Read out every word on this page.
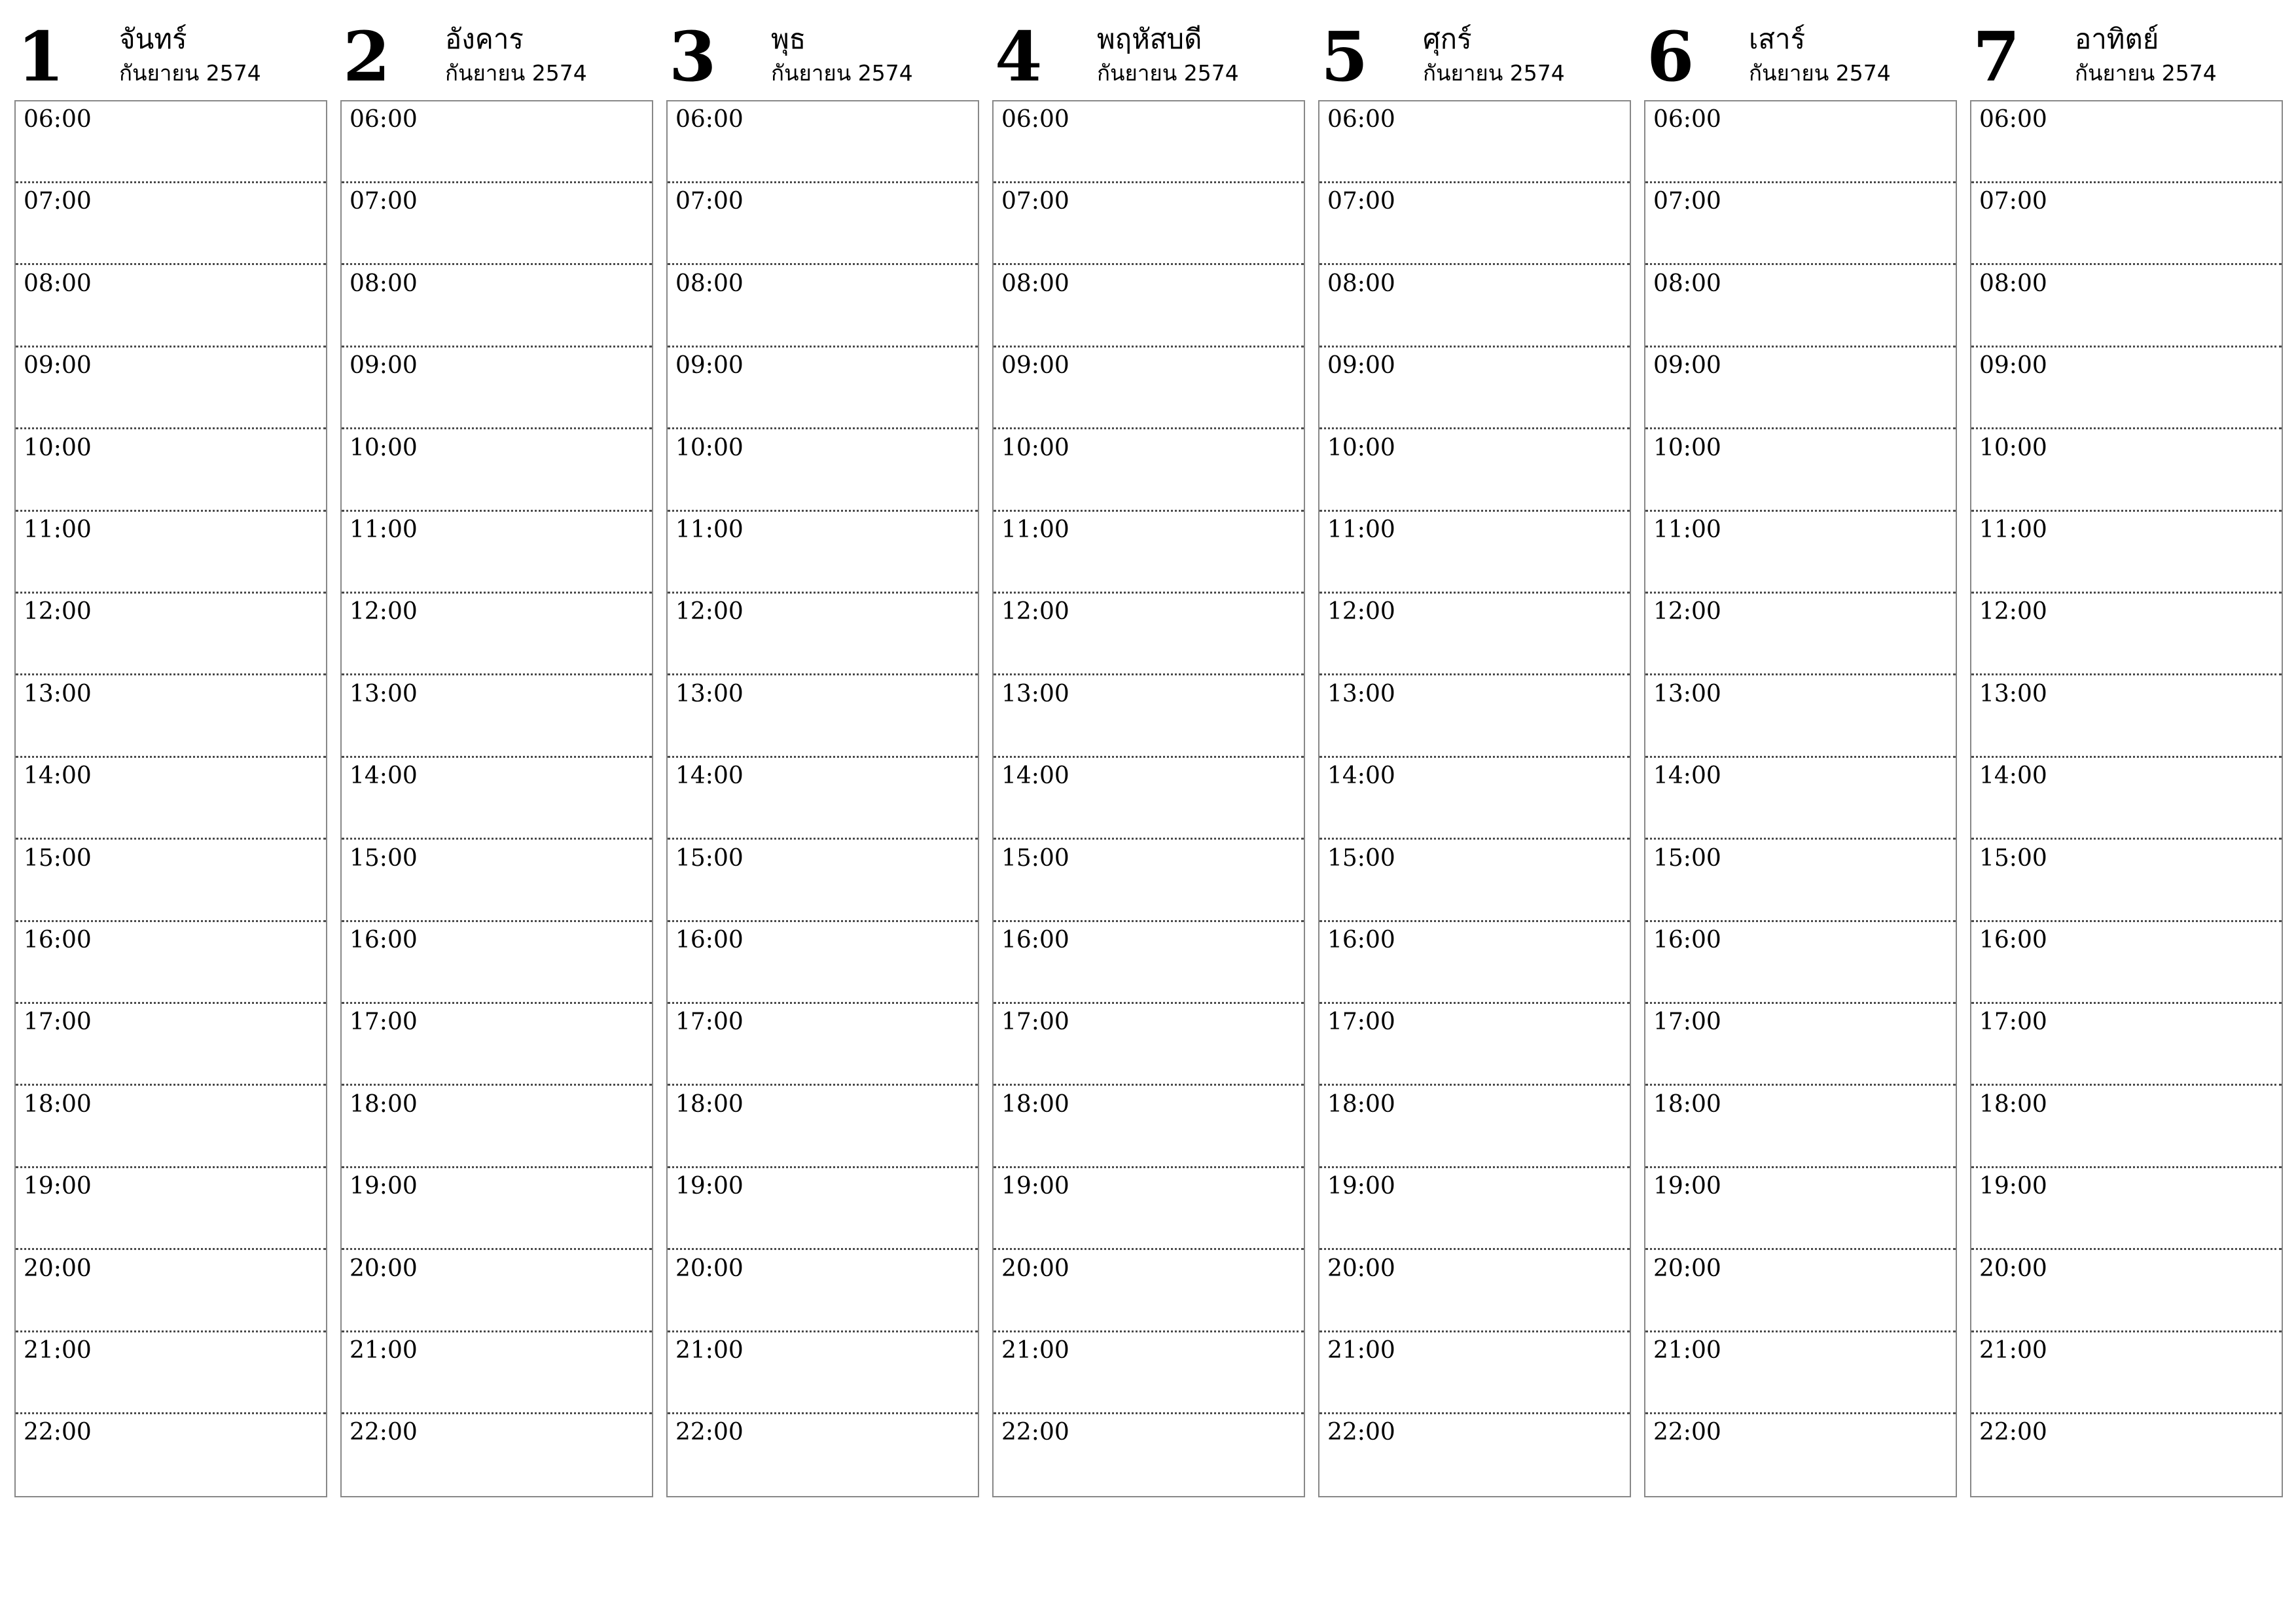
1 จันทร์
กันยายน 2574
06:00
07:00
08:00
09:00
10:00
11:00
12:00
13:00
14:00
15:00
16:00
17:00
18:00
19:00
20:00
21:00
22:00
2 อังคาร
กันยายน 2574
06:00
07:00
08:00
09:00
10:00
11:00
12:00
13:00
14:00
15:00
16:00
17:00
18:00
19:00
20:00
21:00
22:00
3 พุธ
กันยายน 2574
06:00
07:00
08:00
09:00
10:00
11:00
12:00
13:00
14:00
15:00
16:00
17:00
18:00
19:00
20:00
21:00
22:00
4 พฤหัสบดี
กันยายน 2574
06:00
07:00
08:00
09:00
10:00
11:00
12:00
13:00
14:00
15:00
16:00
17:00
18:00
19:00
20:00
21:00
22:00
5 ศุกร์
กันยายน 2574
06:00
07:00
08:00
09:00
10:00
11:00
12:00
13:00
14:00
15:00
16:00
17:00
18:00
19:00
20:00
21:00
22:00
6 เสาร์
กันยายน 2574
06:00
07:00
08:00
09:00
10:00
11:00
12:00
13:00
14:00
15:00
16:00
17:00
18:00
19:00
20:00
21:00
22:00
7 อาทิตย์
กันยายน 2574
06:00
07:00
08:00
09:00
10:00
11:00
12:00
13:00
14:00
15:00
16:00
17:00
18:00
19:00
20:00
21:00
22:00
